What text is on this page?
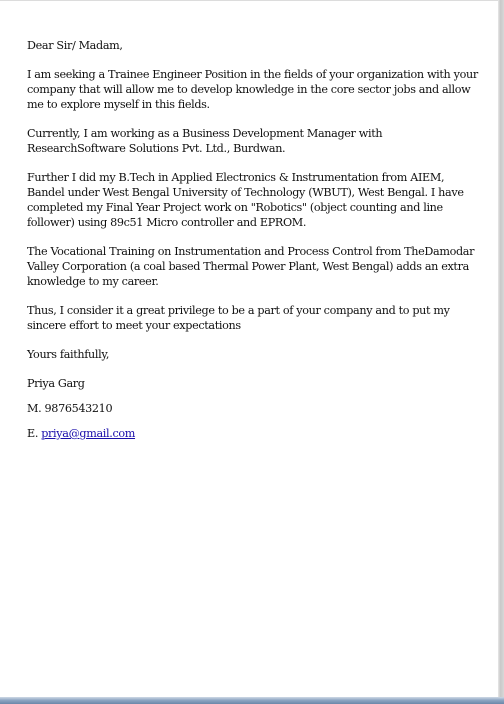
Dear Sir/ Madam,

I am seeking a Trainee Engineer Position in the fields of your organization with your company that will allow me to develop knowledge in the core sector jobs and allow me to explore myself in this fields.

Currently, I am working as a Business Development Manager with ResearchSoftware Solutions Pvt. Ltd., Burdwan.

Further I did my B.Tech in Applied Electronics & Instrumentation from AIEM, Bandel under West Bengal University of Technology (WBUT), West Bengal. I have completed my Final Year Project work on "Robotics" (object counting and line follower) using 89c51 Micro controller and EPROM.

The Vocational Training on Instrumentation and Process Control from TheDamodar Valley Corporation (a coal based Thermal Power Plant, West Bengal) adds an extra knowledge to my career.

Thus, I consider it a great privilege to be a part of your company and to put my sincere effort to meet your expectations

Yours faithfully,

Priya Garg

M. 9876543210

E. priya@gmail.com
